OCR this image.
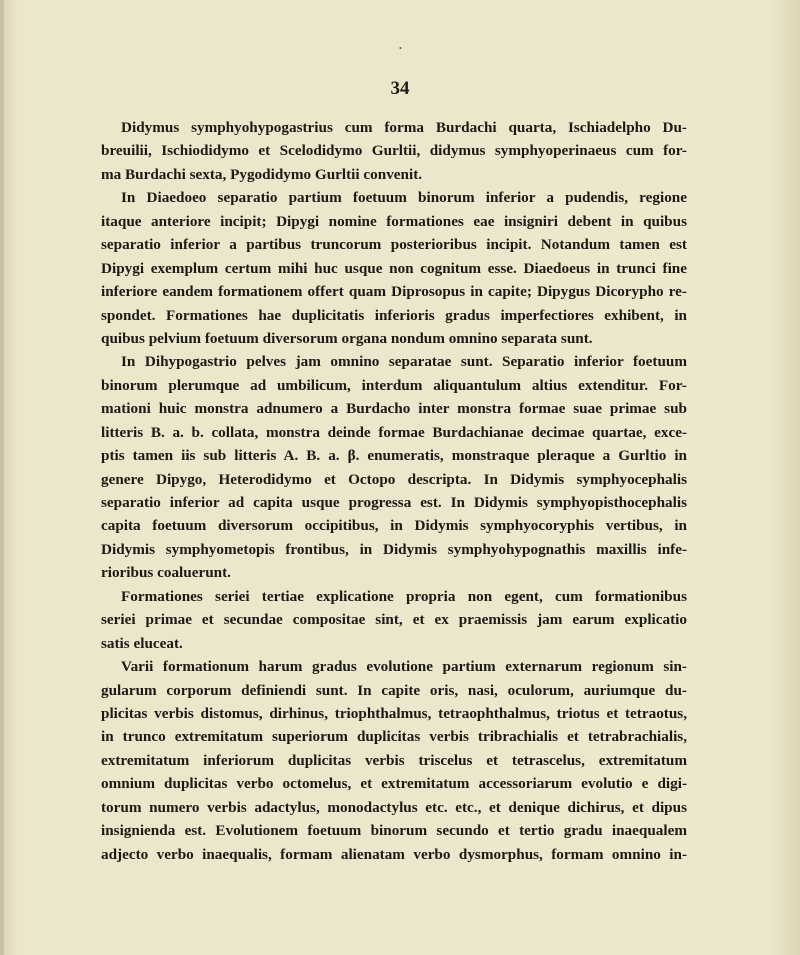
•
34
Didymus symphyohypogastrius cum forma Burdachi quarta, Ischiadelpho Du-
breuilii, Ischiodidymo et Scelodidymo Gurltii, didymus symphyoperinaeus cum for-
ma Burdachi sexta, Pygodidymo Gurltii convenit.
In Diaedoeo separatio partium foetuum binorum inferior a pudendis, regione
itaque anteriore incipit; Dipygi nomine formationes eae insigniri debent in quibus
separatio inferior a partibus truncorum posterioribus incipit. Notandum tamen est
Dipygi exemplum certum mihi huc usque non cognitum esse. Diaedoeus in trunci fine
inferiore eandem formationem offert quam Diprosopus in capite; Dipygus Dicorypho re-
spondet. Formationes hae duplicitatis inferioris gradus imperfectiores exhibent, in
quibus pelvium foetuum diversorum organa nondum omnino separata sunt.
In Dihypogastrio pelves jam omnino separatae sunt. Separatio inferior foetuum
binorum plerumque ad umbilicum, interdum aliquantulum altius extenditur. For-
mationi huic monstra adnumero a Burdacho inter monstra formae suae primae sub
litteris B. a. b. collata, monstra deinde formae Burdachianae decimae quartae, exce-
ptis tamen iis sub litteris A. B. a. β. enumeratis, monstraque pleraque a Gurltio in
genere Dipygo, Heterodidymo et Octopo descripta. In Didymis symphyocephalis
separatio inferior ad capita usque progressa est. In Didymis symphyopisthocephalis
capita foetuum diversorum occipitibus, in Didymis symphyocoryphis vertibus, in
Didymis symphyometopis frontibus, in Didymis symphyohypognathis maxillis infe-
rioribus coaluerunt.
Formationes seriei tertiae explicatione propria non egent, cum formationibus
seriei primae et secundae compositae sint, et ex praemissis jam earum explicatio
satis eluceat.
Varii formationum harum gradus evolutione partium externarum regionum sin-
gularum corporum definiendi sunt. In capite oris, nasi, oculorum, auriumque du-
plicitas verbis distomus, dirhinus, triophthalmus, tetraophthalmus, triotus et tetraotus,
in trunco extremitatum superiorum duplicitas verbis tribrachialis et tetrabrachialis,
extremitatum inferiorum duplicitas verbis triscelus et tetrascelus, extremitatum
omnium duplicitas verbo octomelus, et extremitatum accessoriarum evolutio e digi-
torum numero verbis adactylus, monodactylus etc. etc., et denique dichirus, et dipus
insignienda est. Evolutionem foetuum binorum secundo et tertio gradu inaequalem
adjecto verbo inaequalis, formam alienatam verbo dysmorphus, formam omnino in-
